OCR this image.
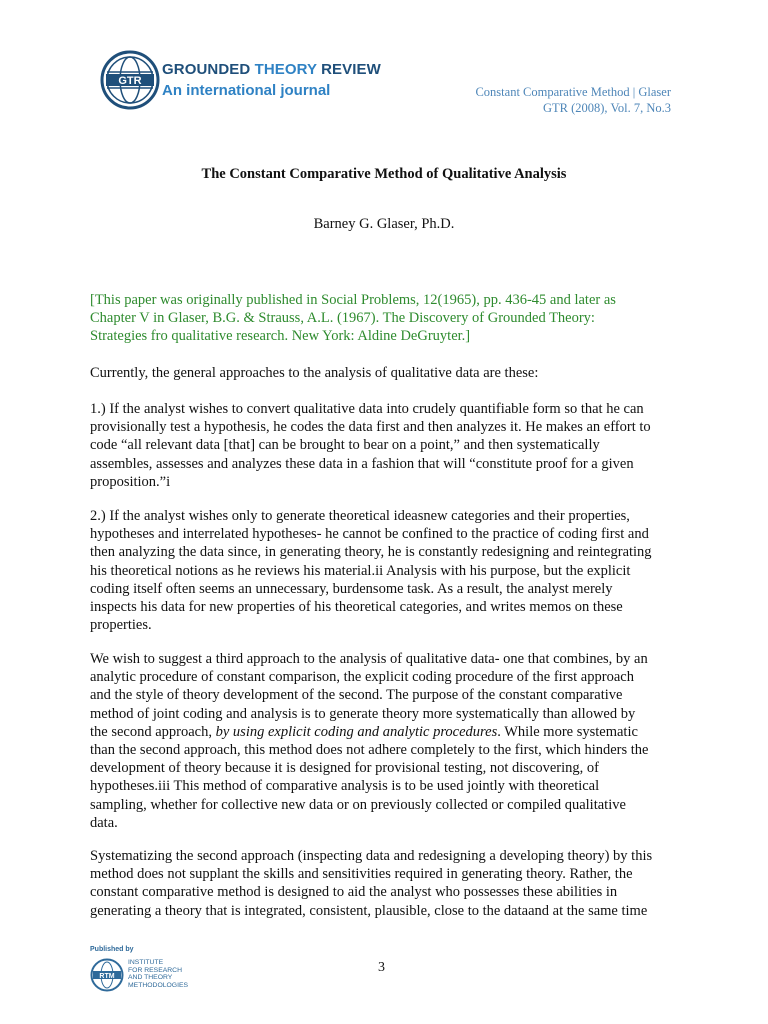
GTR
GROUNDED THEORY REVIEW
An international journal	Constant Comparative Method | Glaser
GTR (2008), Vol. 7, No.3
The Constant Comparative Method of Qualitative Analysis
Barney G. Glaser, Ph.D.
[This paper was originally published in Social Problems, 12(1965), pp. 436-45 and later as
Chapter V in Glaser, B.G. & Strauss, A.L. (1967). The Discovery of Grounded Theory:
Strategies fro qualitative research. New York: Aldine DeGruyter.]
Currently, the general approaches to the analysis of qualitative data are these:
1.) If the analyst wishes to convert qualitative data into crudely quantifiable form so that he can
provisionally test a hypothesis, he codes the data first and then analyzes it. He makes an effort to
code “all relevant data [that] can be brought to bear on a point,” and then systematically
assembles, assesses and analyzes these data in a fashion that will “constitute proof for a given
proposition.”i
2.) If the analyst wishes only to generate theoretical ideasnew categories and their properties,
hypotheses and interrelated hypotheses- he cannot be confined to the practice of coding first and
then analyzing the data since, in generating theory, he is constantly redesigning and reintegrating
his theoretical notions as he reviews his material.ii Analysis with his purpose, but the explicit
coding itself often seems an unnecessary, burdensome task. As a result, the analyst merely
inspects his data for new properties of his theoretical categories, and writes memos on these
properties.
We wish to suggest a third approach to the analysis of qualitative data- one that combines, by an
analytic procedure of constant comparison, the explicit coding procedure of the first approach
and the style of theory development of the second. The purpose of the constant comparative
method of joint coding and analysis is to generate theory more systematically than allowed by
the second approach, by using explicit coding and analytic procedures. While more systematic
than the second approach, this method does not adhere completely to the first, which hinders the
development of theory because it is designed for provisional testing, not discovering, of
hypotheses.iii This method of comparative analysis is to be used jointly with theoretical
sampling, whether for collective new data or on previously collected or compiled qualitative
data.
Systematizing the second approach (inspecting data and redesigning a developing theory) by this
method does not supplant the skills and sensitivities required in generating theory. Rather, the
constant comparative method is designed to aid the analyst who possesses these abilities in
generating a theory that is integrated, consistent, plausible, close to the dataand at the same time
Published by
RTM
INSTITUTE
FOR RESEARCH
AND THEORY
METHODOLOGIES
3
